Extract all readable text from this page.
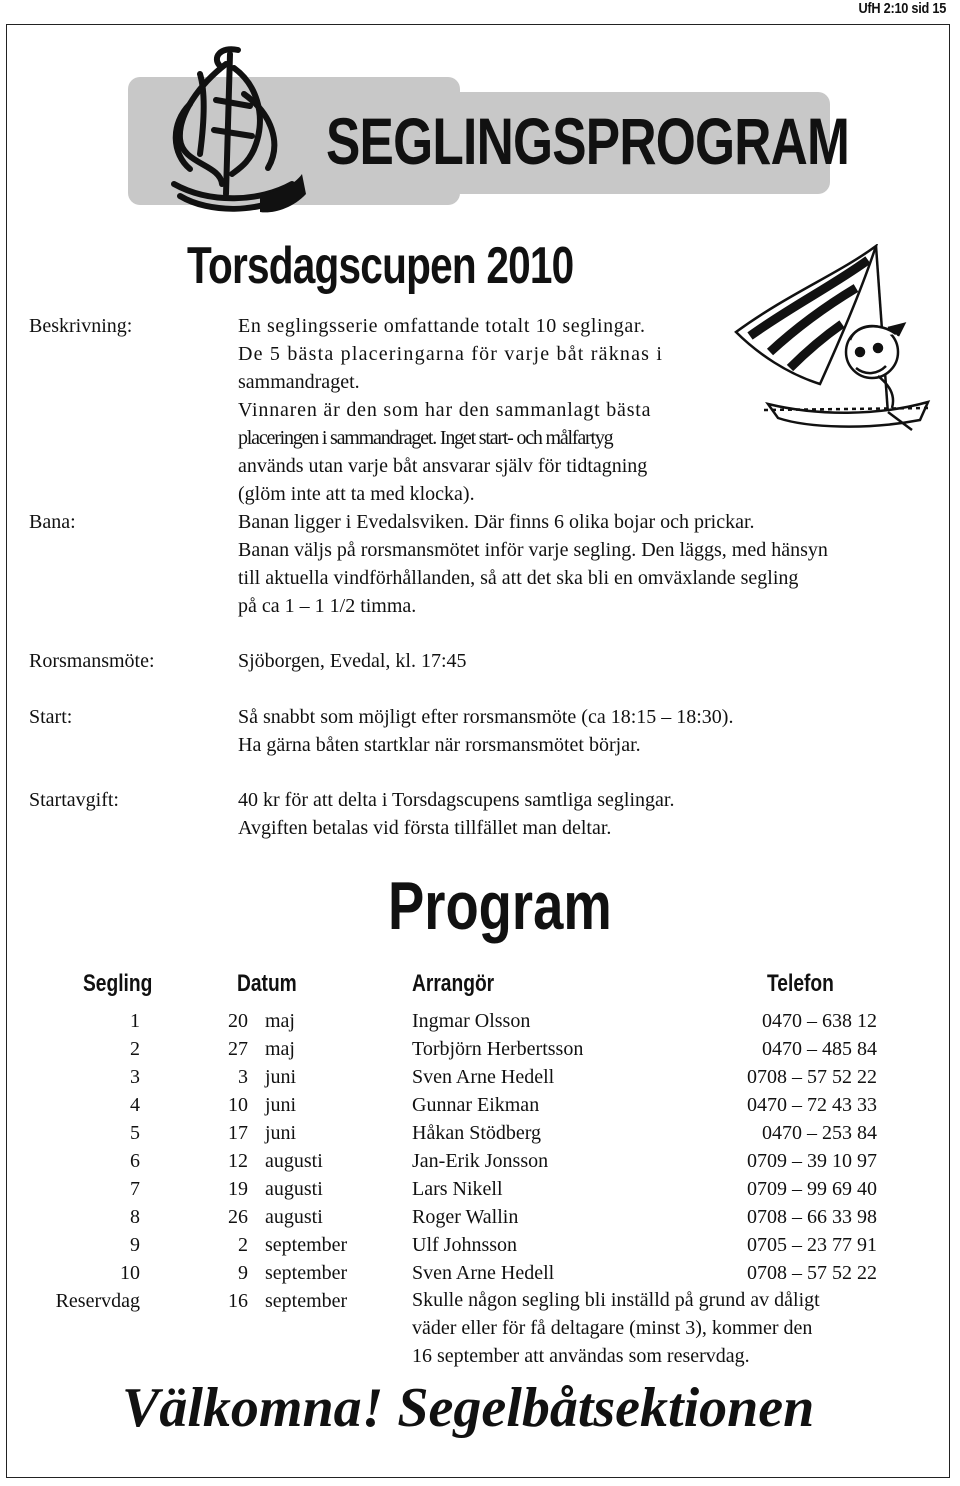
UfH 2:10 sid 15
SEGLINGSPROGRAM
Torsdagscupen 2010
Beskrivning:	En seglingsserie omfattande totalt 10 seglingar.
De 5 bästa placeringarna för varje båt räknas i
sammandraget.
Vinnaren är den som har den sammanlagt bästa
placeringen i sammandraget. Inget start- och målfartyg
används utan varje båt ansvarar själv för tidtagning
(glöm inte att ta med klocka).
Bana:	Banan ligger i Evedalsviken. Där finns 6 olika bojar och prickar.
Banan väljs på rorsmansmötet inför varje segling. Den läggs, med hänsyn
till aktuella vindförhållanden, så att det ska bli en omväxlande segling
på ca 1 – 1 1/2 timma.
Rorsmansmöte:	Sjöborgen, Evedal, kl. 17:45
Start:	Så snabbt som möjligt efter rorsmansmöte (ca 18:15 – 18:30).
Ha gärna båten startklar när rorsmansmötet börjar.
Startavgift:	40 kr för att delta i Torsdagscupens samtliga seglingar.
Avgiften betalas vid första tillfället man deltar.
Program
Segling	Datum	Arrangör	Telefon
1	20 maj	Ingmar Olsson	0470 – 638 12
2	27 maj	Torbjörn Herbertsson	0470 – 485 84
3	3 juni	Sven Arne Hedell	0708 – 57 52 22
4	10 juni	Gunnar Eikman	0470 – 72 43 33
5	17 juni	Håkan Stödberg	0470 – 253 84
6	12 augusti	Jan-Erik Jonsson	0709 – 39 10 97
7	19 augusti	Lars Nikell	0709 – 99 69 40
8	26 augusti	Roger Wallin	0708 – 66 33 98
9	2 september	Ulf Johnsson	0705 – 23 77 91
10	9 september	Sven Arne Hedell	0708 – 57 52 22
Reservdag	16 september	Skulle någon segling bli inställd på grund av dåligt
väder eller för få deltagare (minst 3), kommer den
16 september att användas som reservdag.
Välkomna! Segelbåtsektionen
